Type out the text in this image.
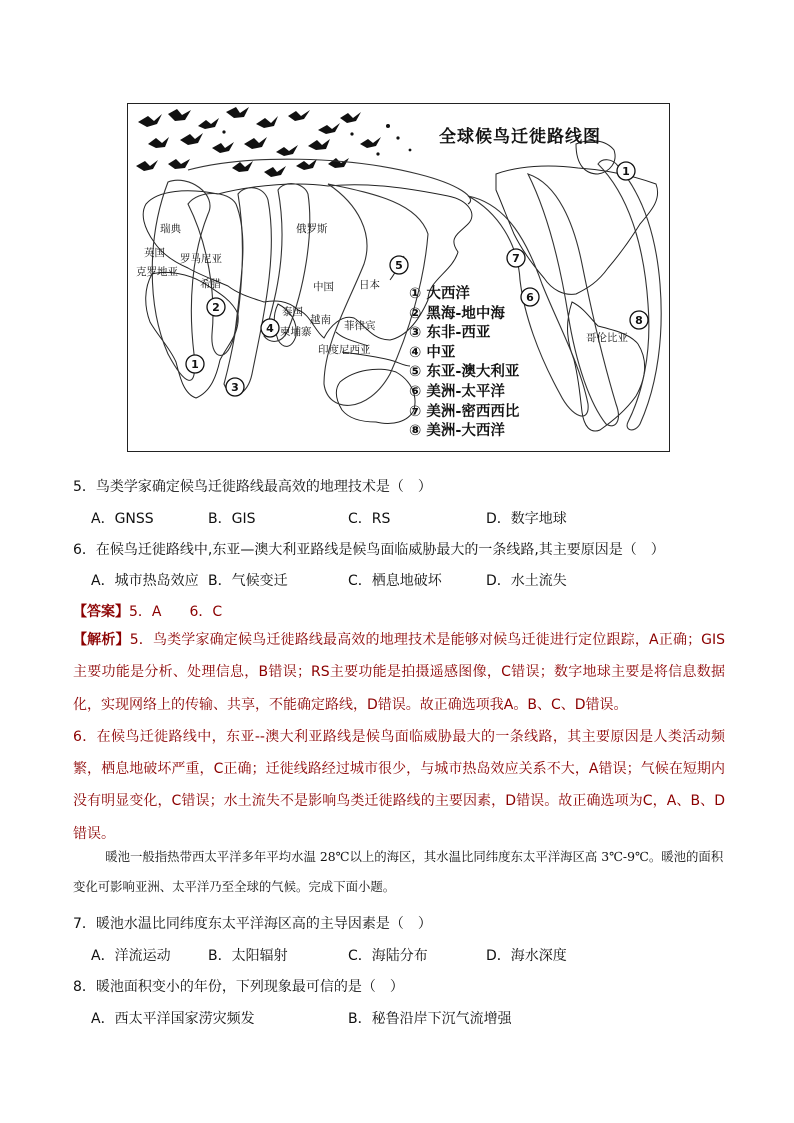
1
2
3
4
5
6
7
1
8
全球候鸟迁徙路线图
瑞典
英国 罗马尼亚
克罗地亚
希腊
俄罗斯
中国 日本
泰国
越南
柬埔寨	菲律宾
印度尼西亚
哥伦比亚
① 大西洋
② 黑海-地中海
③ 东非-西亚
④ 中亚
⑤ 东亚-澳大利亚
⑥ 美洲-太平洋
⑦ 美洲-密西西比
⑧ 美洲-大西洋
5．鸟类学家确定候鸟迁徙路线最高效的地理技术是（　）
A．GNSS	B．GIS	C．RS	D．数字地球
6．在候鸟迁徙路线中,东亚—澳大利亚路线是候鸟面临威胁最大的一条线路,其主要原因是（　）
A．城市热岛效应 B．气候变迁	C．栖息地破坏	D．水土流失
【答案】5．A　　6．C

【解析】5．鸟类学家确定候鸟迁徙路线最高效的地理技术是能够对候鸟迁徙进行定位跟踪，A正确；GIS主要功能是分析、处理信息，B错误；RS主要功能是拍摄遥感图像，C错误；数字地球主要是将信息数据化，实现网络上的传输、共享，不能确定路线，D错误。故正确选项我A。B、C、D错误。

6．在候鸟迁徙路线中，东亚--澳大利亚路线是候鸟面临威胁最大的一条线路，其主要原因是人类活动频繁，栖息地破坏严重，C正确；迁徙线路经过城市很少，与城市热岛效应关系不大，A错误；气候在短期内没有明显变化，C错误；水土流失不是影响鸟类迁徙路线的主要因素，D错误。故正确选项为C，A、B、D错误。

暖池一般指热带西太平洋多年平均水温 28℃以上的海区，其水温比同纬度东太平洋海区高 3℃-9℃。暖池的面积变化可影响亚洲、太平洋乃至全球的气候。完成下面小题。

7．暖池水温比同纬度东太平洋海区高的主导因素是（　）
A．洋流运动	B．太阳辐射	C．海陆分布	D．海水深度
8．暖池面积变小的年份，下列现象最可信的是（　）
A．西太平洋国家涝灾频发	B．秘鲁沿岸下沉气流增强
